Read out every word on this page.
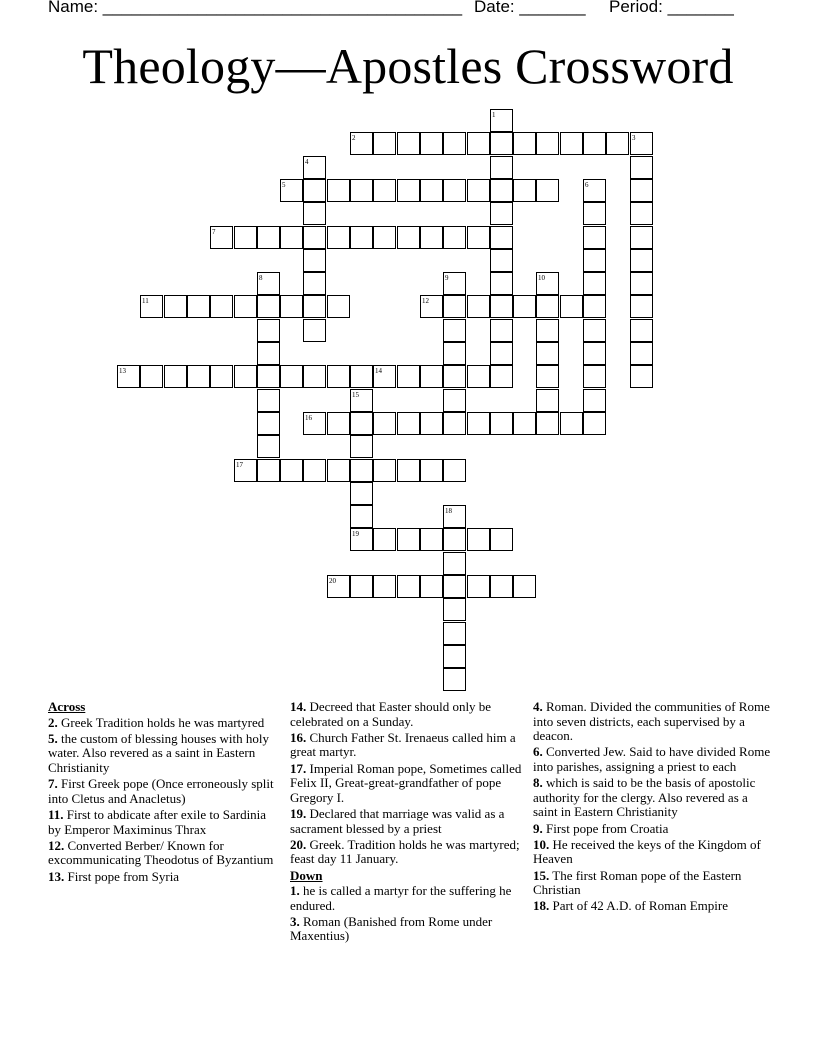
Name: ______________________________________ Date: _______ Period: _______
Theology—Apostles Crossword
1
2	3
4
5	6
7
8	9	10
11	12
13	14
15
19
16
17
18
20
Across
2. Greek Tradition holds he was martyred
5. the custom of blessing houses with holy water. Also revered as a saint in Eastern Christianity
7. First Greek pope (Once erroneously split into Cletus and Anacletus)
11. First to abdicate after exile to Sardinia by Emperor Maximinus Thrax
12. Converted Berber/ Known for excommunicating Theodotus of Byzantium
13. First pope from Syria
14. Decreed that Easter should only be celebrated on a Sunday.
16. Church Father St. Irenaeus called him a great martyr.
17. Imperial Roman pope, Sometimes called Felix II, Great-great-grandfather of pope Gregory I.
19. Declared that marriage was valid as a sacrament blessed by a priest
20. Greek. Tradition holds he was martyred; feast day 11 January.
Down
1. he is called a martyr for the suffering he endured.
3. Roman (Banished from Rome under Maxentius)
4. Roman. Divided the communities of Rome into seven districts, each supervised by a deacon.
6. Converted Jew. Said to have divided Rome into parishes, assigning a priest to each
8. which is said to be the basis of apostolic authority for the clergy. Also revered as a saint in Eastern Christianity
9. First pope from Croatia
10. He received the keys of the Kingdom of Heaven
15. The first Roman pope of the Eastern Christian
18. Part of 42 A.D. of Roman Empire
